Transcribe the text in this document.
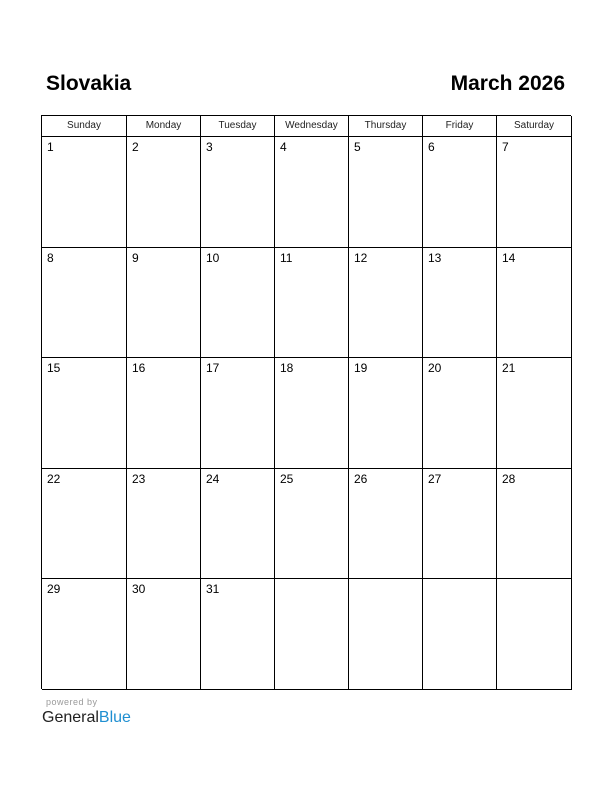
Slovakia	March 2026
Sunday	Monday	Tuesday	Wednesday	Thursday	Friday	Saturday
1	2	3	4	5	6	7
8	9	10	11	12	13	14
15	16	17	18	19	20	21
22	23	24	25	26	27	28
29	30	31
powered by
GeneralBlue
